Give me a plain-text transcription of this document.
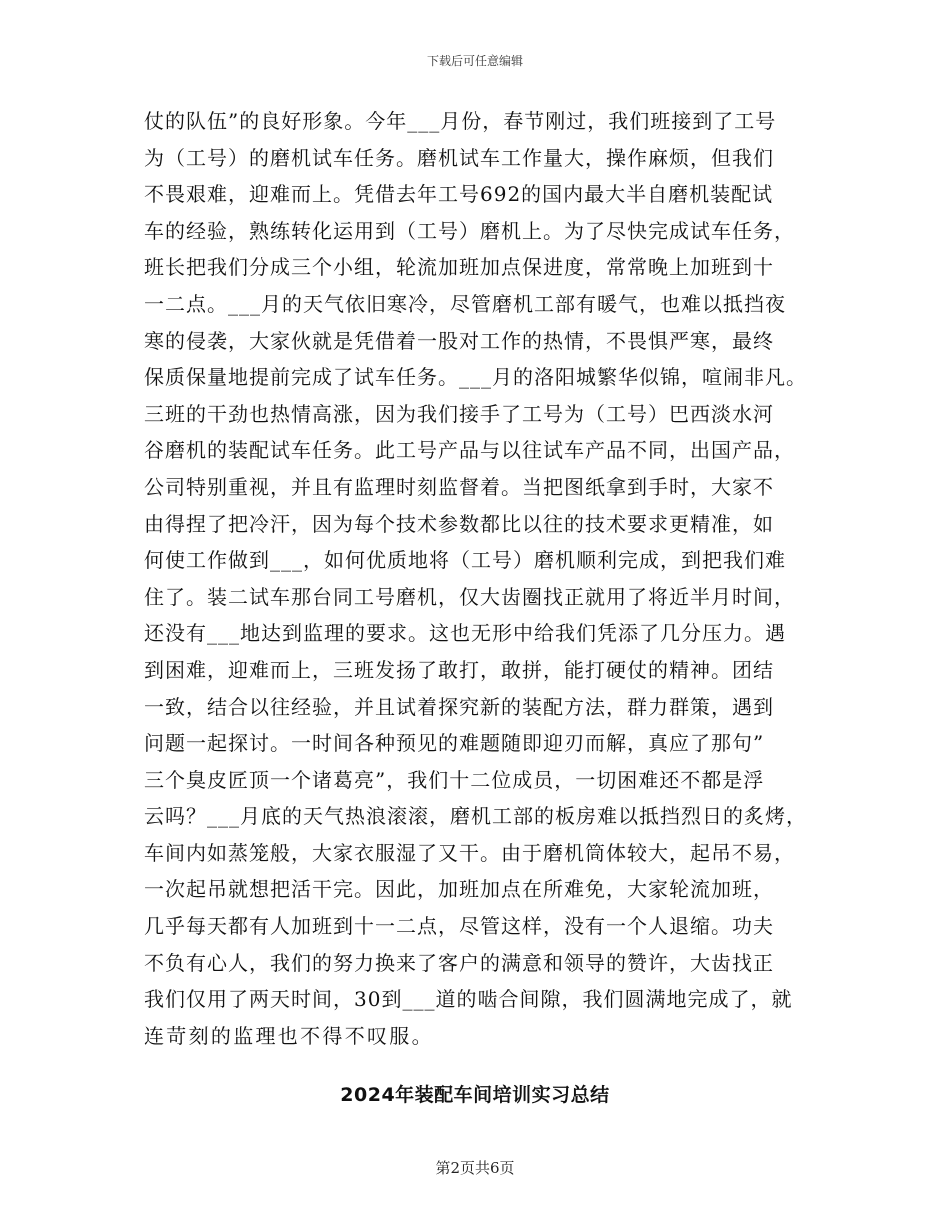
下载后可任意编辑
仗的队伍”的良好形象。今年___月份，春节刚过，我们班接到了工号
为（工号）的磨机试车任务。磨机试车工作量大，操作麻烦，但我们
不畏艰难，迎难而上。凭借去年工号692的国内最大半自磨机装配试
车的经验，熟练转化运用到（工号）磨机上。为了尽快完成试车任务，
班长把我们分成三个小组，轮流加班加点保进度，常常晚上加班到十
一二点。___月的天气依旧寒冷，尽管磨机工部有暖气，也难以抵挡夜
寒的侵袭，大家伙就是凭借着一股对工作的热情，不畏惧严寒，最终
保质保量地提前完成了试车任务。___月的洛阳城繁华似锦，喧闹非凡。
三班的干劲也热情高涨，因为我们接手了工号为（工号）巴西淡水河
谷磨机的装配试车任务。此工号产品与以往试车产品不同，出国产品，
公司特别重视，并且有监理时刻监督着。当把图纸拿到手时，大家不
由得捏了把冷汗，因为每个技术参数都比以往的技术要求更精准，如
何使工作做到___，如何优质地将（工号）磨机顺利完成，到把我们难
住了。装二试车那台同工号磨机，仅大齿圈找正就用了将近半月时间，
还没有___地达到监理的要求。这也无形中给我们凭添了几分压力。遇
到困难，迎难而上，三班发扬了敢打，敢拼，能打硬仗的精神。团结
一致，结合以往经验，并且试着探究新的装配方法，群力群策，遇到
问题一起探讨。一时间各种预见的难题随即迎刃而解，真应了那句”
三个臭皮匠顶一个诸葛亮”，我们十二位成员，一切困难还不都是浮
云吗？___月底的天气热浪滚滚，磨机工部的板房难以抵挡烈日的炙烤，
车间内如蒸笼般，大家衣服湿了又干。由于磨机筒体较大，起吊不易，
一次起吊就想把活干完。因此，加班加点在所难免，大家轮流加班，
几乎每天都有人加班到十一二点，尽管这样，没有一个人退缩。功夫
不负有心人，我们的努力换来了客户的满意和领导的赞许，大齿找正
我们仅用了两天时间，30到___道的啮合间隙，我们圆满地完成了，就
连苛刻的监理也不得不叹服。
2024年装配车间培训实习总结
第2页共6页
